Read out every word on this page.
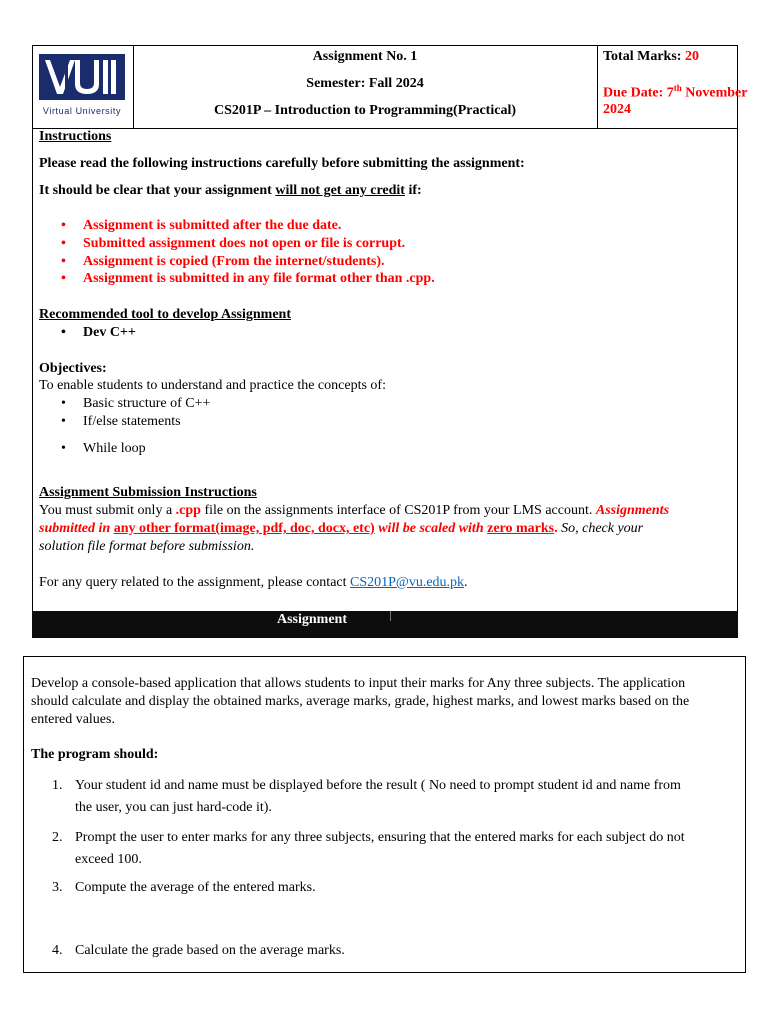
Virtual University
Assignment No. 1
Semester: Fall 2024
CS201P – Introduction to Programming(Practical)
Total Marks: 20
Due Date: 7th November
2024
Instructions
Please read the following instructions carefully before submitting the assignment:
It should be clear that your assignment will not get any credit if:
Assignment is submitted after the due date.
Submitted assignment does not open or file is corrupt.
Assignment is copied (From the internet/students).
Assignment is submitted in any file format other than .cpp.
Recommended tool to develop Assignment
Dev C++
Objectives:
To enable students to understand and practice the concepts of:
Basic structure of C++
If/else statements
While loop
Assignment Submission Instructions
You must submit only a .cpp file on the assignments interface of CS201P from your LMS account. Assignments
submitted in any other format(image, pdf, doc, docx, etc) will be scaled with zero marks. So, check your
solution file format before submission.
For any query related to the assignment, please contact CS201P@vu.edu.pk.
Assignment
Develop a console-based application that allows students to input their marks for Any three subjects. The application
should calculate and display the obtained marks, average marks, grade, highest marks, and lowest marks based on the
entered values.
The program should:
1. Your student id and name must be displayed before the result ( No need to prompt student id and name from
the user, you can just hard-code it).
2. Prompt the user to enter marks for any three subjects, ensuring that the entered marks for each subject do not
exceed 100.
3. Compute the average of the entered marks.
4. Calculate the grade based on the average marks.
